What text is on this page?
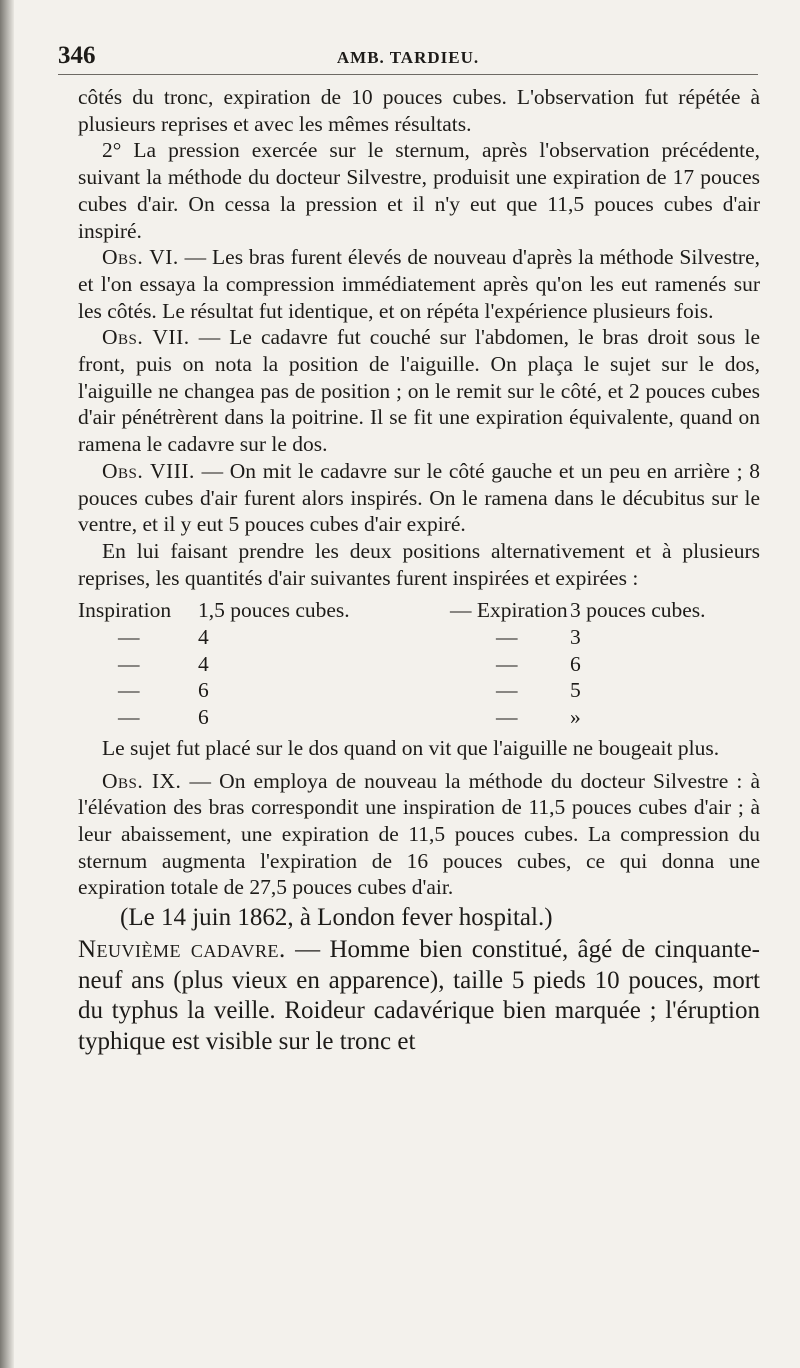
346	AMB. TARDIEU.

côtés du tronc, expiration de 10 pouces cubes. L'observation fut répétée à plusieurs reprises et avec les mêmes résultats.

2° La pression exercée sur le sternum, après l'observation précédente, suivant la méthode du docteur Silvestre, produisit une expiration de 17 pouces cubes d'air. On cessa la pression et il n'y eut que 11,5 pouces cubes d'air inspiré.

Obs. VI. — Les bras furent élevés de nouveau d'après la méthode Silvestre, et l'on essaya la compression immédiatement après qu'on les eut ramenés sur les côtés. Le résultat fut identique, et on répéta l'expérience plusieurs fois.

Obs. VII. — Le cadavre fut couché sur l'abdomen, le bras droit sous le front, puis on nota la position de l'aiguille. On plaça le sujet sur le dos, l'aiguille ne changea pas de position ; on le remit sur le côté, et 2 pouces cubes d'air pénétrèrent dans la poitrine. Il se fit une expiration équivalente, quand on ramena le cadavre sur le dos.

Obs. VIII. — On mit le cadavre sur le côté gauche et un peu en arrière ; 8 pouces cubes d'air furent alors inspirés. On le ramena dans le décubitus sur le ventre, et il y eut 5 pouces cubes d'air expiré.

En lui faisant prendre les deux positions alternativement et à plusieurs reprises, les quantités d'air suivantes furent inspirées et expirées :

Inspiration 1,5 pouces cubes.	— Expiration 3 pouces cubes.
—	4	— 3
—	4	— 6
—	6	— 5
—	6	— »

Le sujet fut placé sur le dos quand on vit que l'aiguille ne bougeait plus.

Obs. IX. — On employa de nouveau la méthode du docteur Silvestre : à l'élévation des bras correspondit une inspiration de 11,5 pouces cubes d'air ; à leur abaissement, une expiration de 11,5 pouces cubes. La compression du sternum augmenta l'expiration de 16 pouces cubes, ce qui donna une expiration totale de 27,5 pouces cubes d'air.

(Le 14 juin 1862, à London fever hospital.)

Neuvième cadavre. — Homme bien constitué, âgé de cinquante-neuf ans (plus vieux en apparence), taille 5 pieds 10 pouces, mort du typhus la veille. Roideur cadavérique bien marquée ; l'éruption typhique est visible sur le tronc et
